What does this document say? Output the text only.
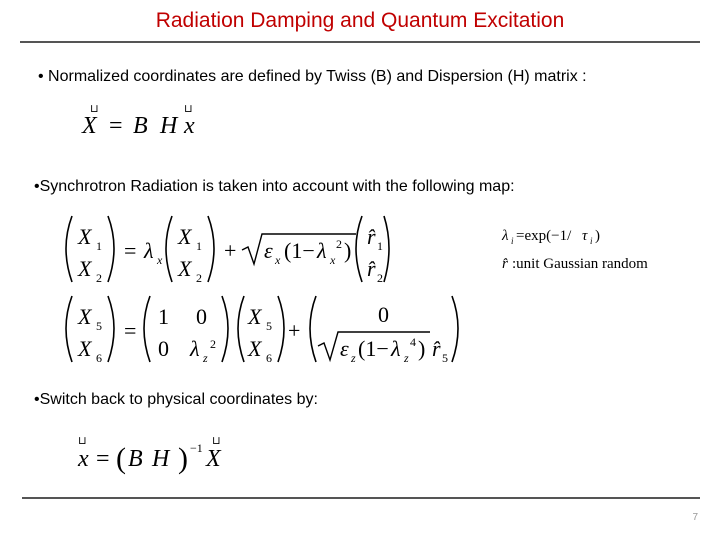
Radiation Damping and Quantum Excitation
• Normalized coordinates are defined by Twiss (B) and Dispersion (H) matrix :
⊔
X = B H
⊔
x
•Synchrotron Radiation is taken into account with the following map:
X 1
X 2
= λ x
X 1
X 2
+ ε x (1− λ x
2 )
r̂ 1
r̂ 2
λ i =exp(−1/ τ i )
r̂ :unit Gaussian random
X 5
X 6
=
1 0
0 λ z
2
X 5
X 6
+
0
ε z (1− λ z
4 ) r̂ 5
•Switch back to physical coordinates by:
⊔
x = ( B H ) −1 ⊔
X
7
